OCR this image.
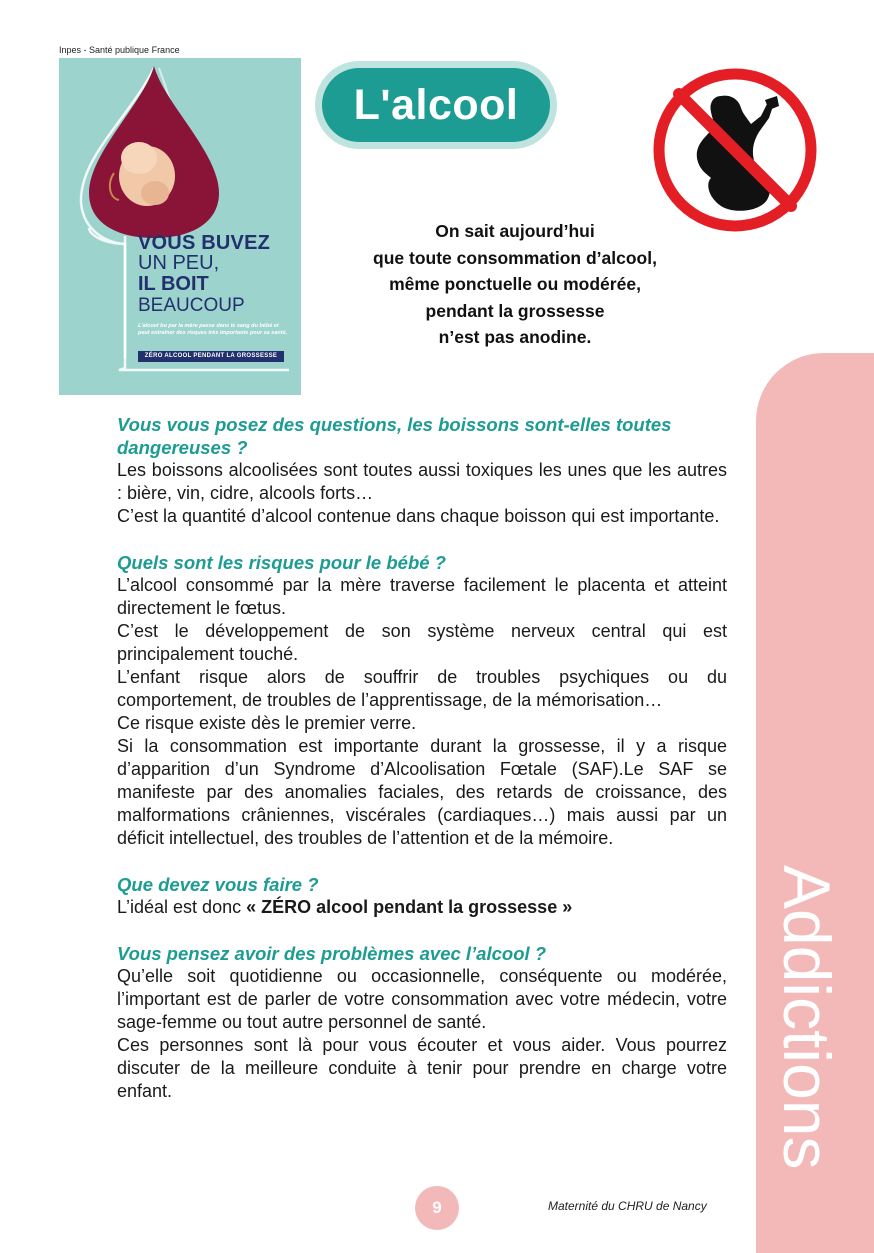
Inpes - Santé publique France
VOUS BUVEZ
UN PEU,
IL BOIT
BEAUCOUP
L'alcool bu par la mère passe dans le sang du bébé et peut entraîner des risques très importants pour sa santé.
ZÉRO ALCOOL PENDANT LA GROSSESSE
L'alcool
On sait aujourd’hui
que toute consommation d’alcool,
même ponctuelle ou modérée,
pendant la grossesse
n’est pas anodine.
Addictions

Vous vous posez des questions, les boissons sont-elles toutes dangereuses ?

Les boissons alcoolisées sont toutes aussi toxiques les unes que les autres : bière, vin, cidre, alcools forts…

C’est la quantité d’alcool contenue dans chaque boisson qui est importante.

Quels sont les risques pour le bébé ?

L’alcool consommé par la mère traverse facilement le placenta et atteint directement le fœtus.

C’est le développement de son système nerveux central qui est principalement touché.

L’enfant risque alors de souffrir de troubles psychiques ou du comportement, de troubles de l’apprentissage, de la mémorisation…

Ce risque existe dès le premier verre.

Si la consommation est importante durant la grossesse, il y a risque d’apparition d’un Syndrome d’Alcoolisation Fœtale (SAF).Le SAF se manifeste par des anomalies faciales, des retards de croissance, des malformations crâniennes, viscérales (cardiaques…) mais aussi par un déficit intellectuel, des troubles de l’attention et de la mémoire.

Que devez vous faire ?

L’idéal est donc « ZÉRO alcool pendant la grossesse »

Vous pensez avoir des problèmes avec l’alcool ?

Qu’elle soit quotidienne ou occasionnelle, conséquente ou modérée, l’important est de parler de votre consommation avec votre médecin, votre sage-femme ou tout autre personnel de santé.

Ces personnes sont là pour vous écouter et vous aider. Vous pourrez discuter de la meilleure conduite à tenir pour prendre en charge votre enfant.

9	Maternité du CHRU de Nancy
